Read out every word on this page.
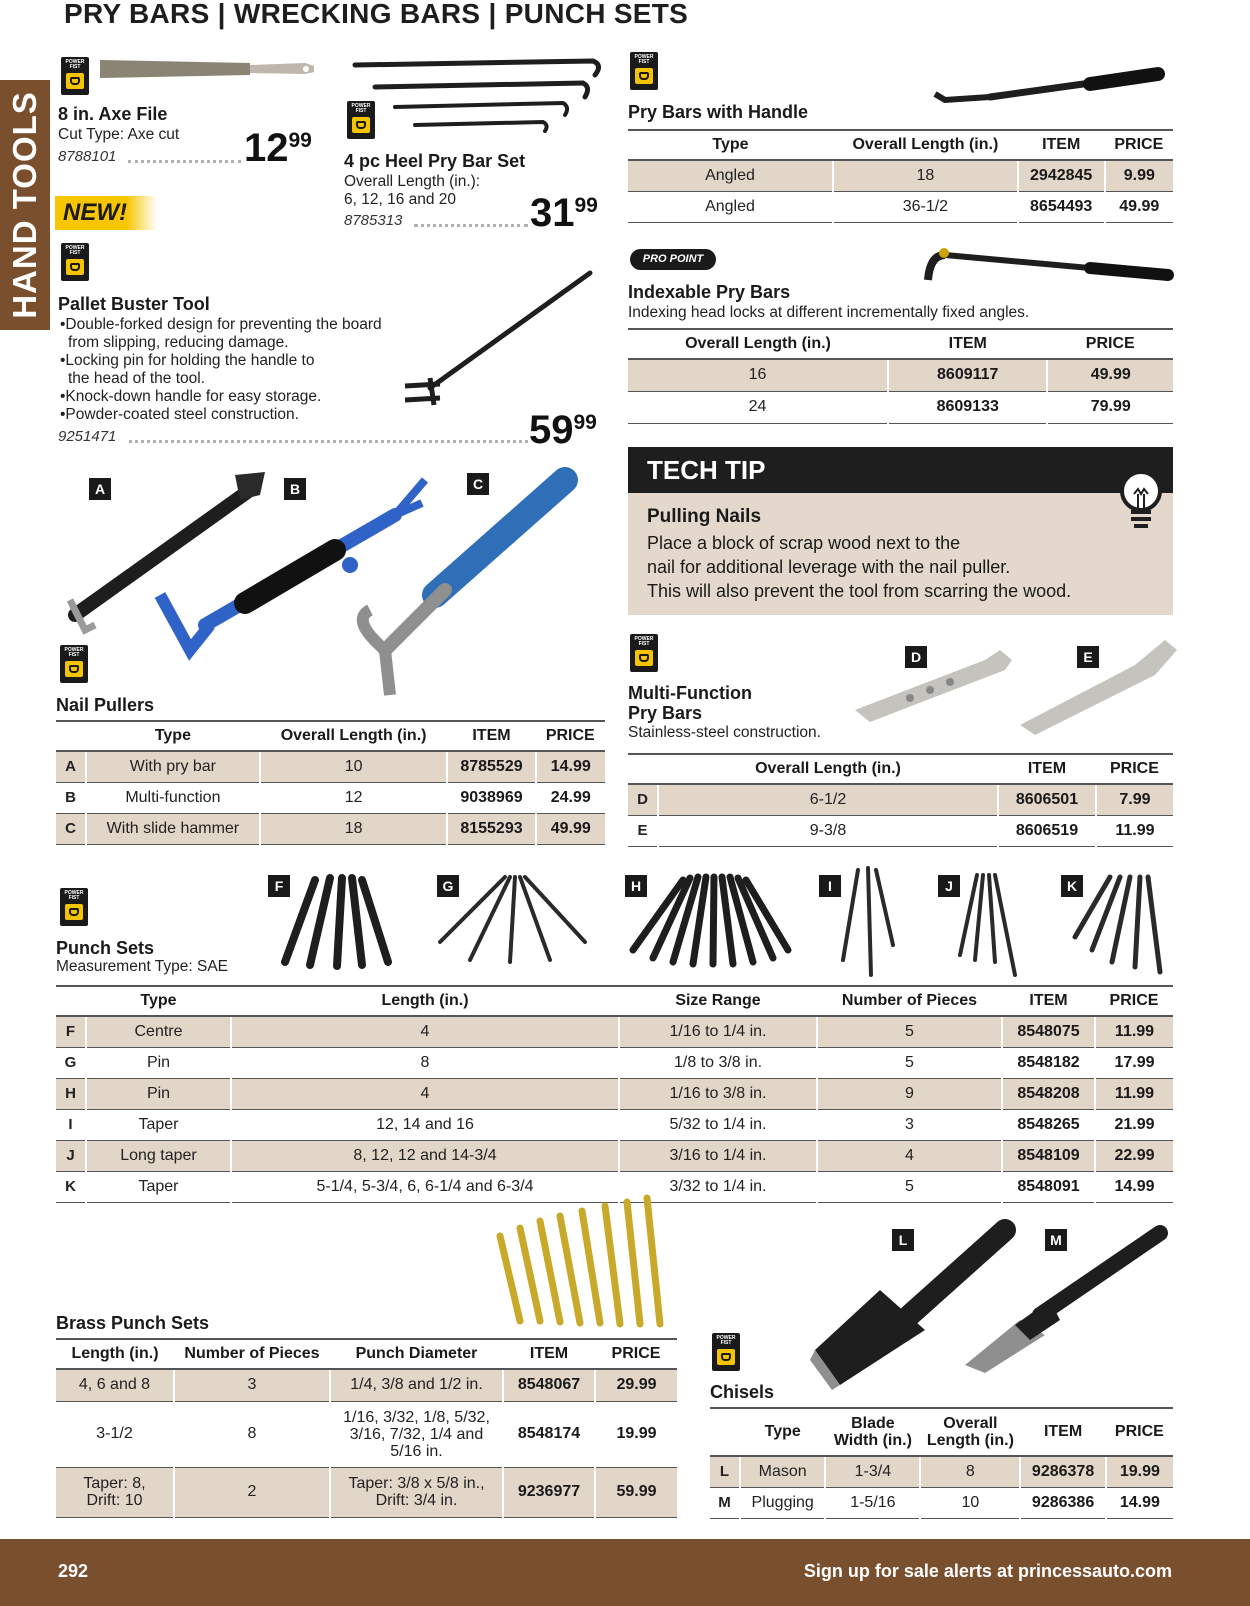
PRY BARS | WRECKING BARS | PUNCH SETS
HAND TOOLS
POWER FIST
8 in. Axe File
Cut Type: Axe cut
8788101	1299
POWER FIST
4 pc Heel Pry Bar Set
Overall Length (in.):
6, 12, 16 and 20
8785313	3199
NEW!
POWER FIST
Pallet Buster Tool
•Double-forked design for preventing the board
from slipping, reducing damage.
•Locking pin for holding the handle to
the head of the tool.
•Knock-down handle for easy storage.
•Powder-coated steel construction.
9251471	5999
A	B	C
POWER FIST
Nail Pullers
	Type	Overall Length (in.)	ITEM	PRICE
A	With pry bar	10	8785529	14.99
B	Multi-function	12	9038969	24.99
C	With slide hammer	18	8155293	49.99
POWER FIST
Pry Bars with Handle
Type	Overall Length (in.)	ITEM	PRICE
Angled	18	2942845	9.99
Angled	36-1/2	8654493	49.99
PRO POINT
Indexable Pry Bars
Indexing head locks at different incrementally fixed angles.
Overall Length (in.)	ITEM	PRICE
16	8609117	49.99
24	8609133	79.99
TECH TIP
Pulling Nails
Place a block of scrap wood next to the
nail for additional leverage with the nail puller.
This will also prevent the tool from scarring the wood.
POWER FIST
D	E
Multi-Function
Pry Bars
Stainless-steel construction.
	Overall Length (in.)	ITEM	PRICE
D	6-1/2	8606501	7.99
E	9-3/8	8606519	11.99
POWER FIST
Punch Sets
Measurement Type: SAE
F	G	H	I	J	K
	Type	Length (in.)	Size Range	Number of Pieces	ITEM	PRICE
F	Centre	4	1/16 to 1/4 in.	5	8548075	11.99
G	Pin	8	1/8 to 3/8 in.	5	8548182	17.99
H	Pin	4	1/16 to 3/8 in.	9	8548208	11.99
I	Taper	12, 14 and 16	5/32 to 1/4 in.	3	8548265	21.99
J	Long taper	8, 12, 12 and 14-3/4	3/16 to 1/4 in.	4	8548109	22.99
K	Taper	5-1/4, 5-3/4, 6, 6-1/4 and 6-3/4	3/32 to 1/4 in.	5	8548091	14.99
Brass Punch Sets
Length (in.)	Number of Pieces	Punch Diameter	ITEM	PRICE
4, 6 and 8	3	1/4, 3/8 and 1/2 in.	8548067	29.99
3-1/2	8	1/16, 3/32, 1/8, 5/32, 3/16, 7/32, 1/4 and 5/16 in.	8548174	19.99
Taper: 8, Drift: 10	2	Taper: 3/8 x 5/8 in., Drift: 3/4 in.	9236977	59.99
L	M
POWER FIST
Chisels
	Type	Blade Width (in.)	Overall Length (in.)	ITEM	PRICE
L	Mason	1-3/4	8	9286378	19.99
M	Plugging	1-5/16	10	9286386	14.99
292	Sign up for sale alerts at princessauto.com
